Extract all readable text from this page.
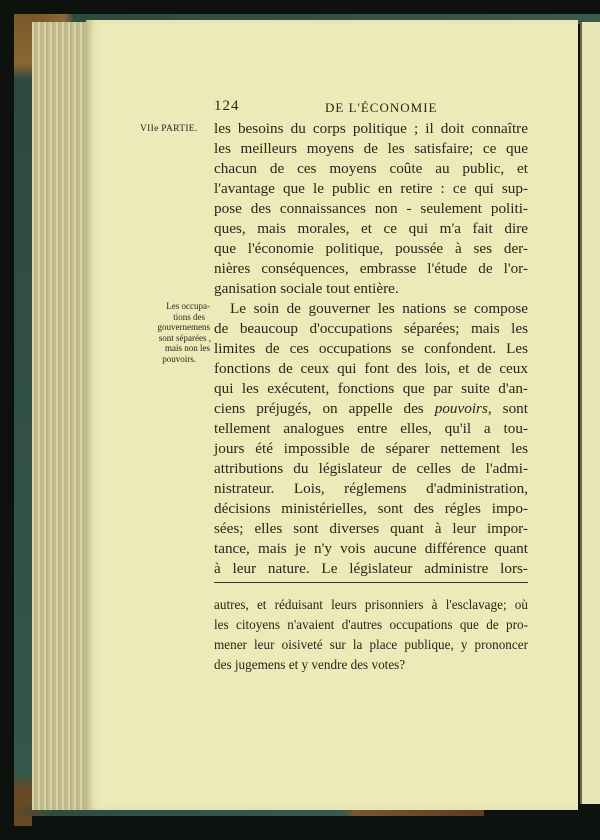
124	DE L'ÉCONOMIE
VIIe PARTIE.
Les occupa-
tions des
gouvernemens
sont séparées ,
mais non les
pouvoirs.
les besoins du corps politique ; il doit connaître
les meilleurs moyens de les satisfaire; ce que
chacun de ces moyens coûte au public, et
l'avantage que le public en retire : ce qui sup-
pose des connaissances non - seulement politi-
ques, mais morales, et ce qui m'a fait dire
que l'économie politique, poussée à ses der-
nières conséquences, embrasse l'étude de l'or-
ganisation sociale tout entière.
Le soin de gouverner les nations se compose
de beaucoup d'occupations séparées; mais les
limites de ces occupations se confondent. Les
fonctions de ceux qui font des lois, et de ceux
qui les exécutent, fonctions que par suite d'an-
ciens préjugés, on appelle des pouvoirs, sont
tellement analogues entre elles, qu'il a tou-
jours été impossible de séparer nettement les
attributions du législateur de celles de l'admi-
nistrateur. Lois, réglemens d'administration,
décisions ministérielles, sont des régles impo-
sées; elles sont diverses quant à leur impor-
tance, mais je n'y vois aucune différence quant
à leur nature. Le législateur administre lors-
autres, et réduisant leurs prisonniers à l'esclavage; où
les citoyens n'avaient d'autres occupations que de pro-
mener leur oisiveté sur la place publique, y prononcer
des jugemens et y vendre des votes?
